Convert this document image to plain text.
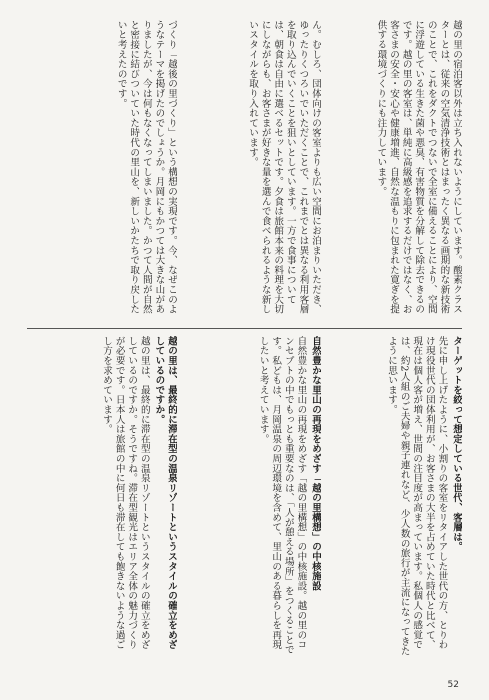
越の里の宿泊客以外は立ち入れないようにしています。酸素クラスターとは、従来の空気清浄技術とはまったく異なる画期的な新技術のことで、これをダクトでつないで全室に備えることにより、空間に浮遊している生きた菌や悪臭、有害物質を分解して除去できるのです。越の里の客室は、単純に高級感を追求するだけではなく、お客さまの安全・安心や健康増進、自然な温もりに包まれた寛ぎを提供する環境づくりにも注力しています。
ん。むしろ、団体向けの客室よりも広い空間にお泊まりいただき、ゆったりくつろいでいただくことで、これまでとは異なる利用客層を取り込んでいくことを狙いとしています。一方で食事については、朝食は自由に選べるセットです。夕食は旅館本来の料理を大切にしながらも、お客さまが好きな量を選んで食べられるような新しいスタイルを取り入れています。
づくり「越後の里づくり」という構想の実現です。今、なぜこのようなテーマを掲げたのでしょうか。月岡にもかつては大きな山がありましたが、今は何もなくなってしまいました。かつて人間が自然と密接に結びついていた時代の里山を、新しいかたちで取り戻したいと考えたのです。
ターゲットを絞って想定している世代、客層は。
先に申し上げたように、小割りの客室をリタイアした世代の方、とりわけ現役世代の団体利用が、お客さまの大半を占めていた時代と比べて、現在は個人客が増え、世間の注目度が高まっています。私個人の感覚では、約2人組のご夫婦や親子連れなど、少人数の旅行が主流になってきたように思います。
自然豊かな里山の再現をめざす「越の里構想」の中核施設
自然豊かな里山の再現をめざす「越の里構想」の中核施設。越の里のコンセプトの中でもっとも重要なのは、「人が憩える場所」をつくることです。私どもは、月岡温泉の周辺環境を含めて、里山のある暮らしを再現したいと考えています。
越の里は、最終的に滞在型の温泉リゾートというスタイルの確立をめざしているのですか。
越の里は、最終的に滞在型の温泉リゾートというスタイルの確立をめざしているのですか。そうですね。滞在型観光はエリア全体の魅力づくりが必要です。日本人は旅館の中に何日も滞在しても飽きないような過ごし方を求めています。
52
